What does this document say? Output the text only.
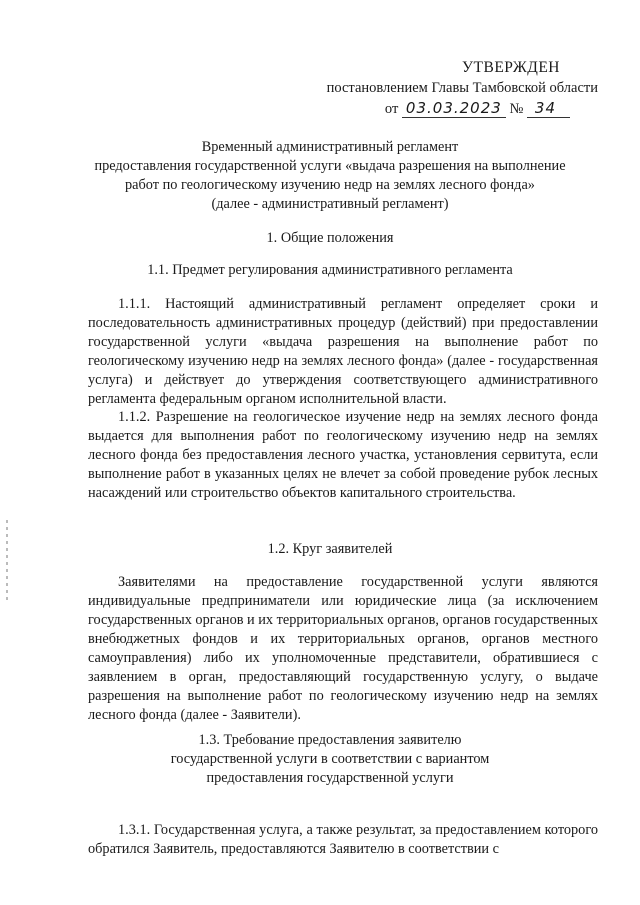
УТВЕРЖДЕН
постановлением Главы Тамбовской области
от 03.03.2023 № 34
Временный административный регламент
предоставления государственной услуги «выдача разрешения на выполнение
работ по геологическому изучению недр на землях лесного фонда»
(далее - административный регламент)
1. Общие положения
1.1. Предмет регулирования административного регламента
1.1.1. Настоящий административный регламент определяет сроки и последовательность административных процедур (действий) при предоставлении государственной услуги «выдача разрешения на выполнение работ по геологическому изучению недр на землях лесного фонда» (далее - государственная услуга) и действует до утверждения соответствующего административного регламента федеральным органом исполнительной власти.
1.1.2. Разрешение на геологическое изучение недр на землях лесного фонда выдается для выполнения работ по геологическому изучению недр на землях лесного фонда без предоставления лесного участка, установления сервитута, если выполнение работ в указанных целях не влечет за собой проведение рубок лесных насаждений или строительство объектов капитального строительства.
1.2. Круг заявителей
Заявителями на предоставление государственной услуги являются индивидуальные предприниматели или юридические лица (за исключением государственных органов и их территориальных органов, органов государственных внебюджетных фондов и их территориальных органов, органов местного самоуправления) либо их уполномоченные представители, обратившиеся с заявлением в орган, предоставляющий государственную услугу, о выдаче разрешения на выполнение работ по геологическому изучению недр на землях лесного фонда (далее - Заявители).
1.3. Требование предоставления заявителю
государственной услуги в соответствии с вариантом
предоставления государственной услуги
1.3.1. Государственная услуга, а также результат, за предоставлением которого обратился Заявитель, предоставляются Заявителю в соответствии с
